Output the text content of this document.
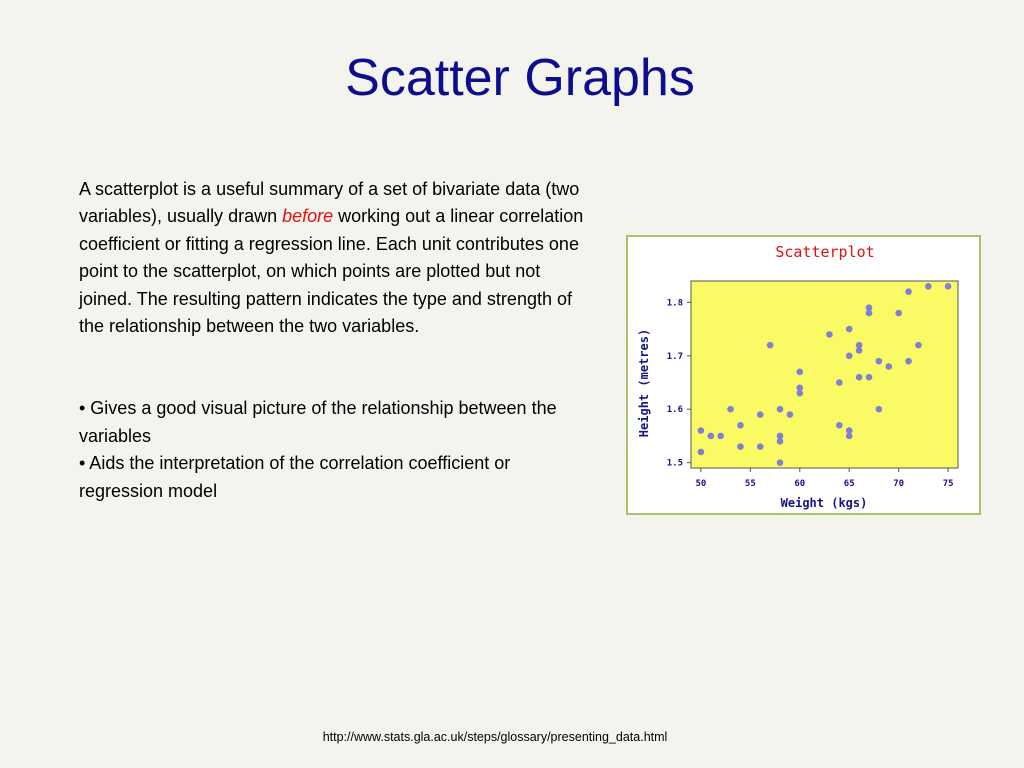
Scatter Graphs

A scatterplot is a useful summary of a set of bivariate data (two variables), usually drawn before working out a linear correlation coefficient or fitting a regression line. Each unit contributes one point to the scatterplot, on which points are plotted but not joined. The resulting pattern indicates the type and strength of the relationship between the two variables.

• Gives a good visual picture of the relationship between the variables

• Aids the interpretation of the correlation coefficient or regression model

Scatterplot
50	55	60	65	70	75
1.5
1.6
1.7
1.8
Weight (kgs)
Height (metres)
http://www.stats.gla.ac.uk/steps/glossary/presenting_data.html
